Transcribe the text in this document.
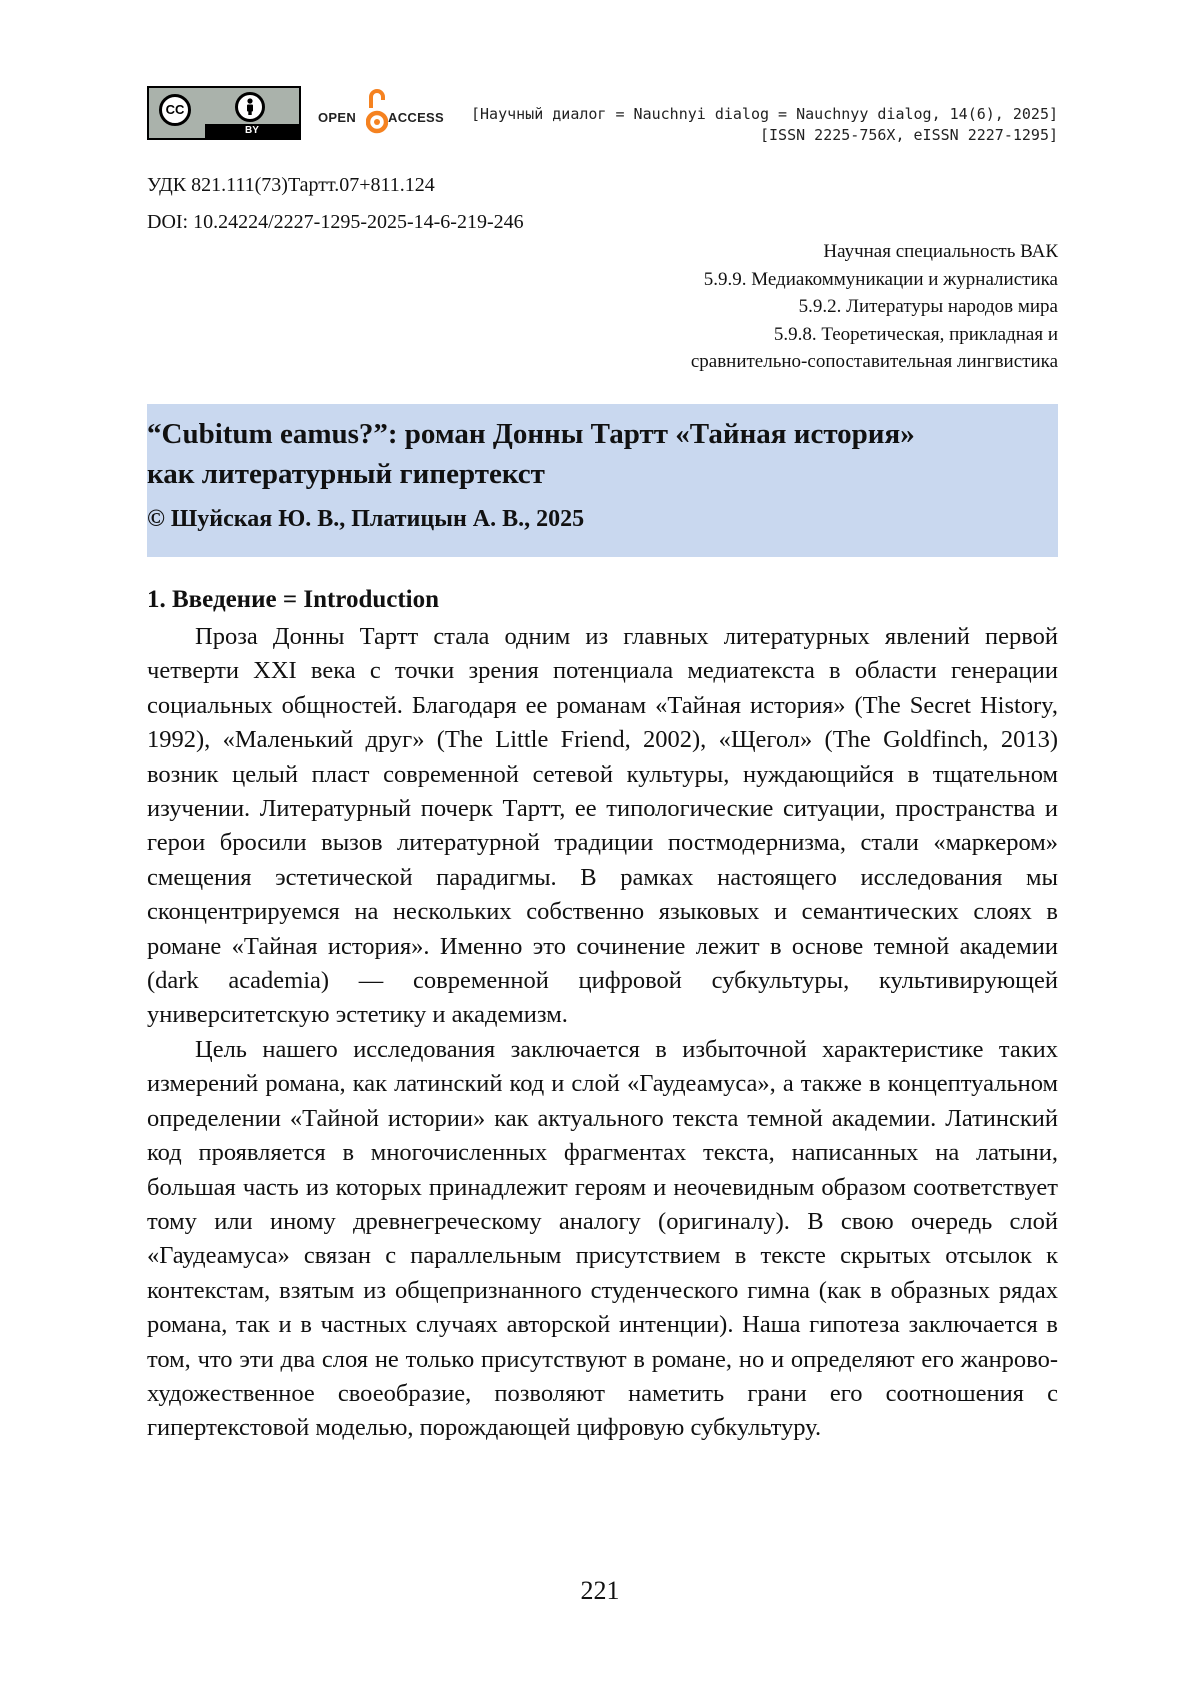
CC
BY
OPEN ACCESS [Научный диалог = Nauchnyi dialog = Nauchnyy dialog, 14(6), 2025]
[ISSN 2225-756X, eISSN 2227-1295]
УДК 821.111(73)Тартт.07+811.124
DOI: 10.24224/2227-1295-2025-14-6-219-246
Научная специальность ВАК
5.9.9. Медиакоммуникации и журналистика
5.9.2. Литературы народов мира
5.9.8. Теоретическая, прикладная и
сравнительно-сопоставительная лингвистика
“Cubitum eamus?”: роман Донны Тартт «Тайная история»
как литературный гипертекст
© Шуйская Ю. В., Платицын А. В., 2025
1. Введение = Introduction

Проза Донны Тартт стала одним из главных литературных явлений первой четверти XXI века с точки зрения потенциала медиатекста в области генерации социальных общностей. Благодаря ее романам «Тайная история» (The Secret History, 1992), «Маленький друг» (The Little Friend, 2002), «Щегол» (The Goldfinch, 2013) возник целый пласт современной сетевой культуры, нуждающийся в тщательном изучении. Литературный почерк Тартт, ее типологические ситуации, пространства и герои бросили вызов литературной традиции постмодернизма, стали «маркером» смещения эстетической парадигмы. В рамках настоящего исследования мы сконцентрируемся на нескольких собственно языковых и семантических слоях в романе «Тайная история». Именно это сочинение лежит в основе темной академии (dark academia) — современной цифровой субкультуры, культивирующей университетскую эстетику и академизм.

Цель нашего исследования заключается в избыточной характеристике таких измерений романа, как латинский код и слой «Гаудеамуса», а также в концептуальном определении «Тайной истории» как актуального текста темной академии. Латинский код проявляется в многочисленных фрагментах текста, написанных на латыни, большая часть из которых принадлежит героям и неочевидным образом соответствует тому или иному древнегреческому аналогу (оригиналу). В свою очередь слой «Гаудеамуса» связан с параллельным присутствием в тексте скрытых отсылок к контекстам, взятым из общепризнанного студенческого гимна (как в образных рядах романа, так и в частных случаях авторской интенции). Наша гипотеза заключается в том, что эти два слоя не только присутствуют в романе, но и определяют его жанрово-художественное своеобразие, позволяют наметить грани его соотношения с гипертекстовой моделью, порождающей цифровую субкультуру.

221
